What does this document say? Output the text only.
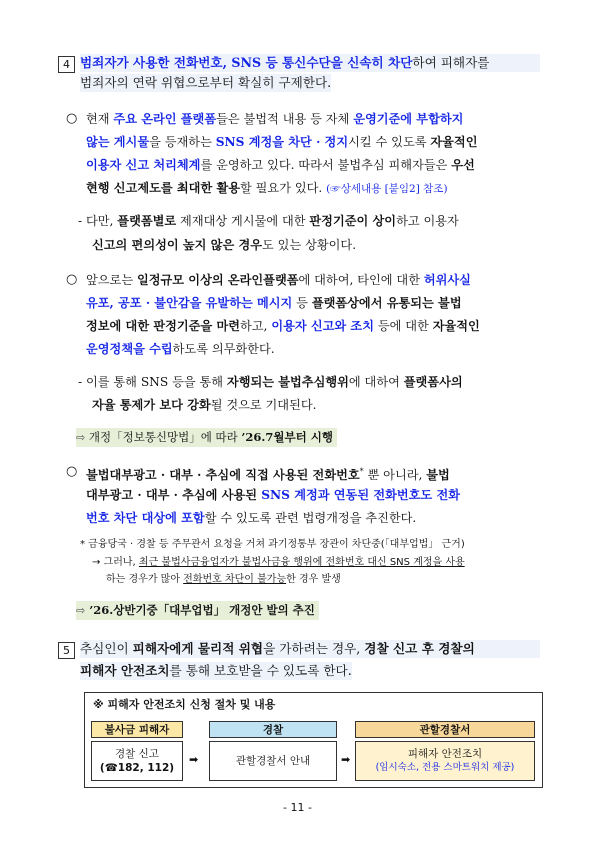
4 범죄자가 사용한 전화번호, SNS 등 통신수단을 신속히 차단하여 피해자를
범죄자의 연락 위협으로부터 확실히 구제한다.
○ 현재 주요 온라인 플랫폼들은 불법적 내용 등 자체 운영기준에 부합하지
않는 게시물을 등재하는 SNS 계정을 차단 · 정지시킬 수 있도록 자율적인
이용자 신고 처리체계를 운영하고 있다. 따라서 불법추심 피해자들은 우선
현행 신고제도를 최대한 활용할 필요가 있다. (☞상세내용 [붙임2] 참조)
- 다만, 플랫폼별로 제재대상 게시물에 대한 판정기준이 상이하고 이용자
신고의 편의성이 높지 않은 경우도 있는 상황이다.
○ 앞으로는 일정규모 이상의 온라인플랫폼에 대하여, 타인에 대한 허위사실
유포, 공포 · 불안감을 유발하는 메시지 등 플랫폼상에서 유통되는 불법
정보에 대한 판정기준을 마련하고, 이용자 신고와 조치 등에 대한 자율적인
운영정책을 수립하도록 의무화한다.
- 이를 통해 SNS 등을 통해 자행되는 불법추심행위에 대하여 플랫폼사의
자율 통제가 보다 강화될 것으로 기대된다.
⇨ 개정「정보통신망법」에 따라 ’26.7월부터 시행
○ 불법대부광고 · 대부 · 추심에 직접 사용된 전화번호* 뿐 아니라, 불법
대부광고 · 대부 · 추심에 사용된 SNS 계정과 연동된 전화번호도 전화
번호 차단 대상에 포함할 수 있도록 관련 법령개정을 추진한다.
* 금융당국 · 경찰 등 주무관서 요청을 거쳐 과기정통부 장관이 차단중(「대부업법」 근거)
→ 그러나, 최근 불법사금융업자가 불법사금융 행위에 전화번호 대신 SNS 계정을 사용
하는 경우가 많아 전화번호 차단이 불가능한 경우 발생
⇨ ’26.상반기중「대부업법」 개정안 발의 추진
5 추심인이 피해자에게 물리적 위협을 가하려는 경우, 경찰 신고 후 경찰의
피해자 안전조치를 통해 보호받을 수 있도록 한다.
※ 피해자 안전조치 신청 절차 및 내용
불사금 피해자	경찰	관할경찰서
경찰 신고
(☎182, 112)
➡	관할경찰서 안내	➡	피해자 안전조치
(임시숙소, 전용 스마트워치 제공)
- 11 -
